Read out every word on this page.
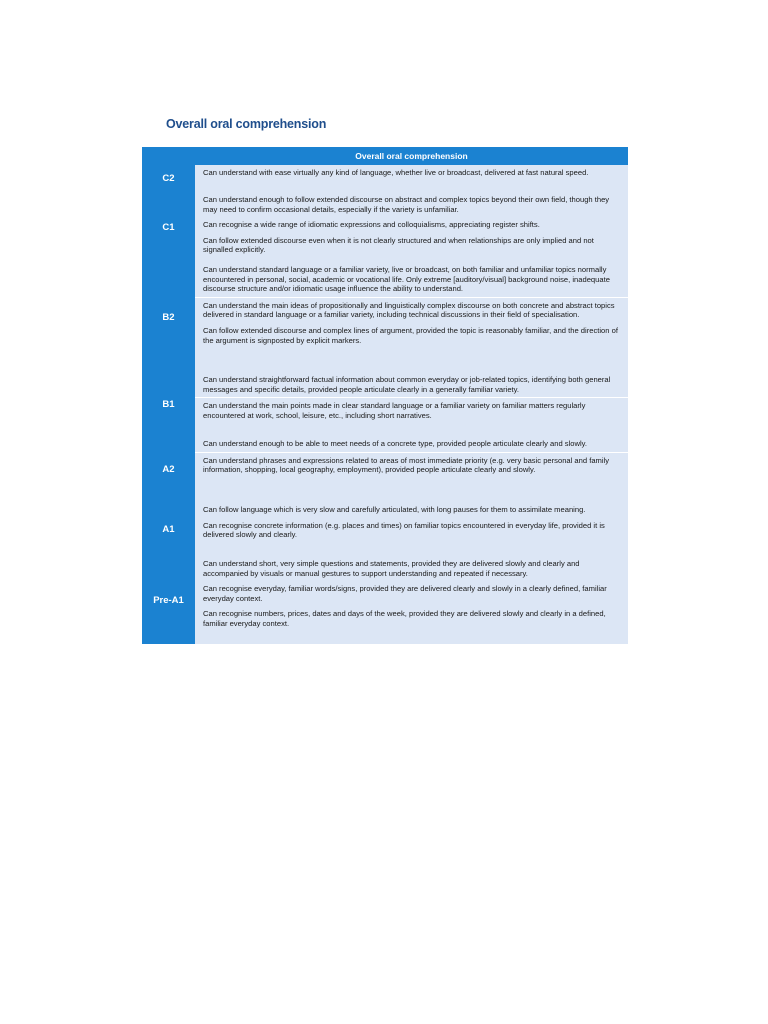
Overall oral comprehension
	Overall oral comprehension
C2	Can understand with ease virtually any kind of language, whether live or broadcast, delivered at fast natural speed.

C1	Can understand enough to follow extended discourse on abstract and complex topics beyond their own field, though they may need to confirm occasional details, especially if the variety is unfamiliar.

Can recognise a wide range of idiomatic expressions and colloquialisms, appreciating register shifts.

Can follow extended discourse even when it is not clearly structured and when relationships are only implied and not signalled explicitly.

B2	Can understand standard language or a familiar variety, live or broadcast, on both familiar and unfamiliar topics normally encountered in personal, social, academic or vocational life. Only extreme [auditory/visual] background noise, inadequate discourse structure and/or idiomatic usage influence the ability to understand.

Can understand the main ideas of propositionally and linguistically complex discourse on both concrete and abstract topics delivered in standard language or a familiar variety, including technical discussions in their field of specialisation.

Can follow extended discourse and complex lines of argument, provided the topic is reasonably familiar, and the direction of the argument is signposted by explicit markers.

B1	Can understand straightforward factual information about common everyday or job-related topics, identifying both general messages and specific details, provided people articulate clearly in a generally familiar variety.

Can understand the main points made in clear standard language or a familiar variety on familiar matters regularly encountered at work, school, leisure, etc., including short narratives.

A2	Can understand enough to be able to meet needs of a concrete type, provided people articulate clearly and slowly.

Can understand phrases and expressions related to areas of most immediate priority (e.g. very basic personal and family information, shopping, local geography, employment), provided people articulate clearly and slowly.

A1	Can follow language which is very slow and carefully articulated, with long pauses for them to assimilate meaning.

Can recognise concrete information (e.g. places and times) on familiar topics encountered in everyday life, provided it is delivered slowly and clearly.

Pre-A1	Can understand short, very simple questions and statements, provided they are delivered slowly and clearly and accompanied by visuals or manual gestures to support understanding and repeated if necessary.

Can recognise everyday, familiar words/signs, provided they are delivered clearly and slowly in a clearly defined, familiar everyday context.

Can recognise numbers, prices, dates and days of the week, provided they are delivered slowly and clearly in a defined, familiar everyday context.
